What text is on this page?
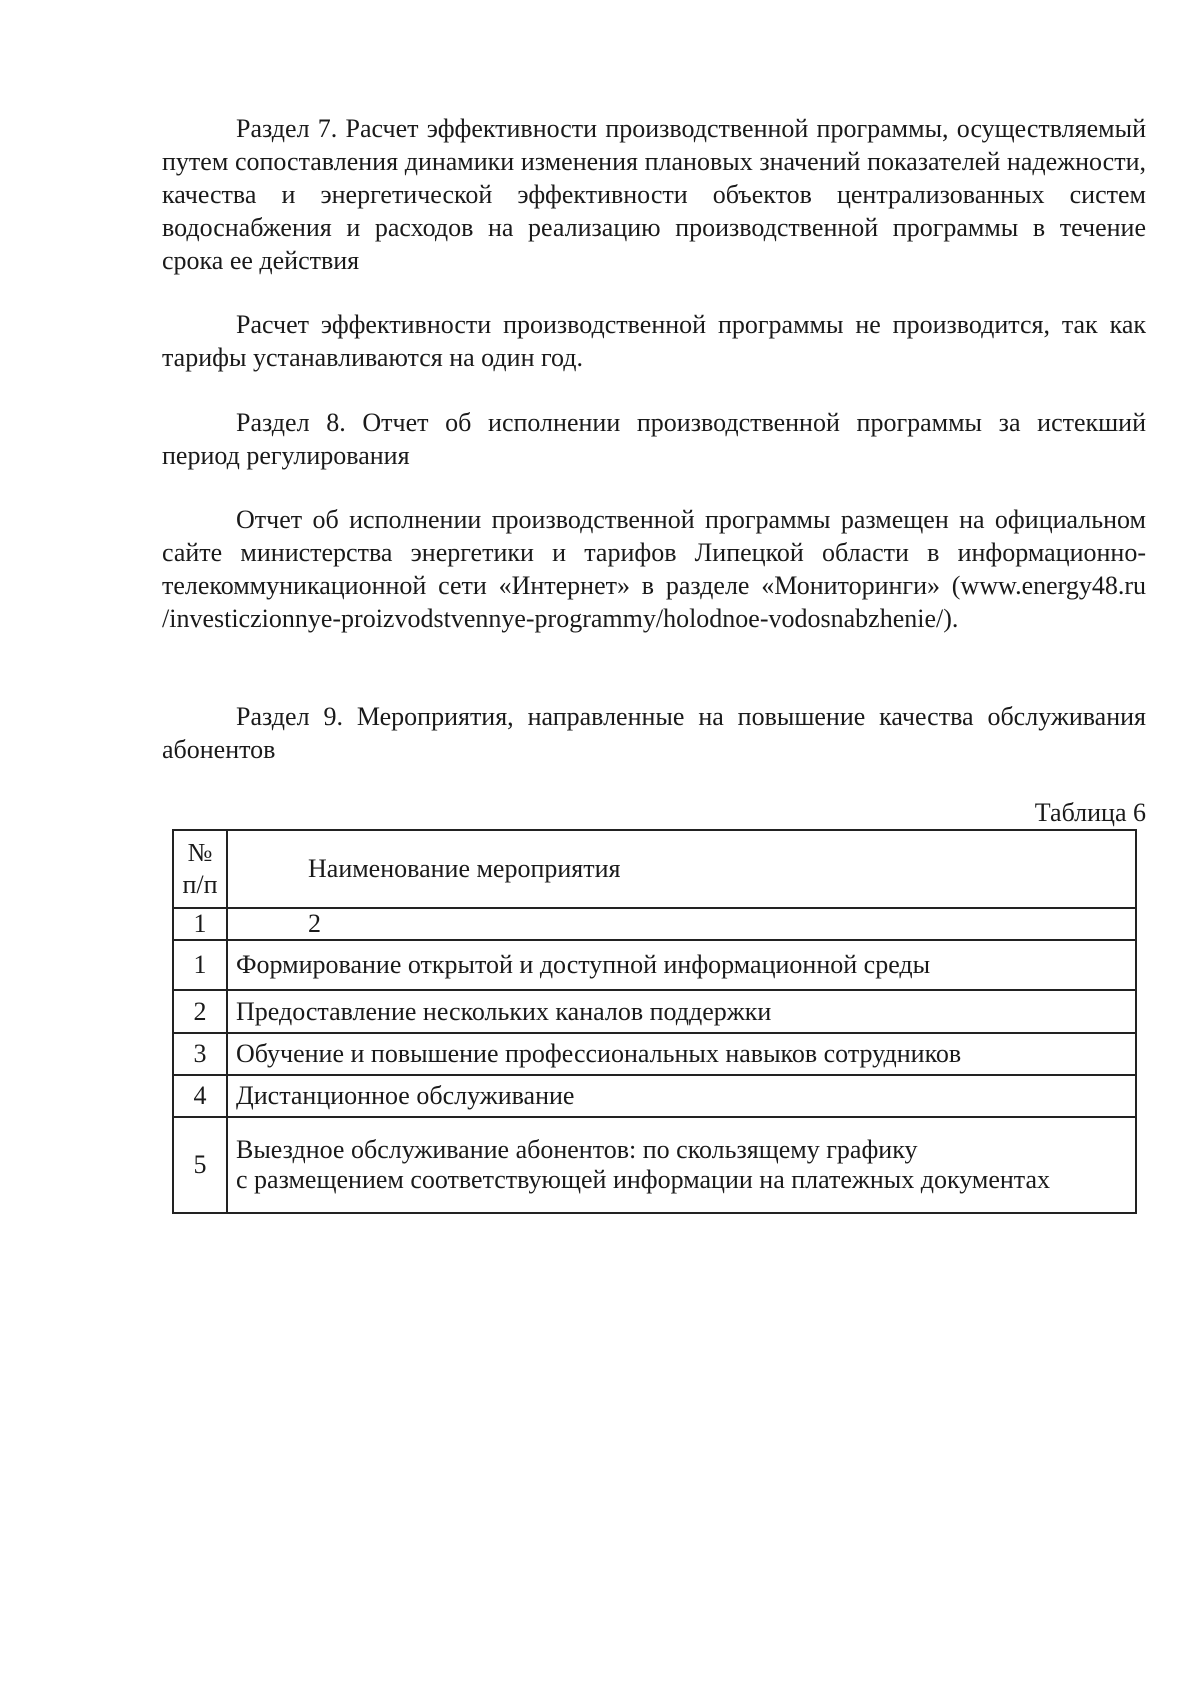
Раздел 7. Расчет эффективности производственной программы, осуществляемый путем сопоставления динамики изменения плановых значений показателей надежности, качества и энергетической эффективности объектов централизованных систем водоснабжения и расходов на реализацию производственной программы в течение срока ее действия

Расчет эффективности производственной программы не производится, так как тарифы устанавливаются на один год.

Раздел 8. Отчет об исполнении производственной программы за истекший период регулирования

Отчет об исполнении производственной программы размещен на официальном сайте министерства энергетики и тарифов Липецкой области в информационно-телекоммуникационной сети «Интернет» в разделе «Мониторинги» (www.energy48.ru /investiczionnye-proizvodstvennye-programmy/holodnoe-vodosnabzhenie/).

Раздел 9. Мероприятия, направленные на повышение качества обслуживания абонентов

Таблица 6
№
п/п	Наименование мероприятия
1	2
1	Формирование открытой и доступной информационной среды
2	Предоставление нескольких каналов поддержки
3	Обучение и повышение профессиональных навыков сотрудников
4	Дистанционное обслуживание
5	Выездное обслуживание абонентов: по скользящему графику
с размещением соответствующей информации на платежных документах
